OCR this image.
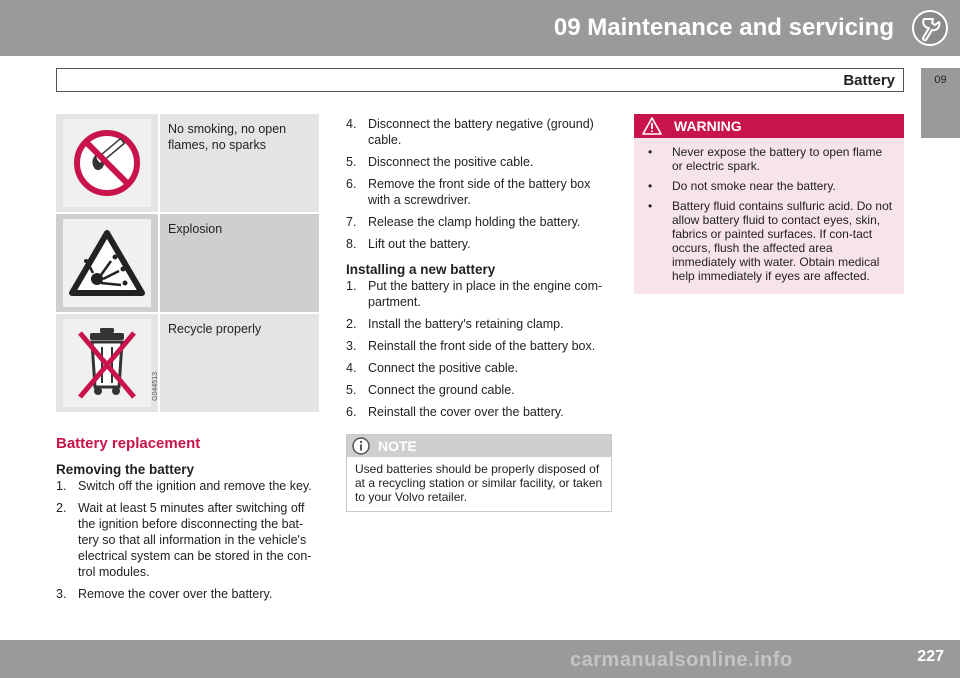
09 Maintenance and servicing
Battery	09
No smoking, no open flames, no sparks
Explosion
G044513
Recycle properly
Battery replacement
Removing the battery
1. Switch off the ignition and remove the key.
2. Wait at least 5 minutes after switching off the ignition before disconnecting the bat-tery so that all information in the vehicle's electrical system can be stored in the con-trol modules.
3. Remove the cover over the battery.
4. Disconnect the battery negative (ground) cable.
5. Disconnect the positive cable.
6. Remove the front side of the battery box with a screwdriver.
7. Release the clamp holding the battery.
8. Lift out the battery.
Installing a new battery
1. Put the battery in place in the engine com-partment.
2. Install the battery's retaining clamp.
3. Reinstall the front side of the battery box.
4. Connect the positive cable.
5. Connect the ground cable.
6. Reinstall the cover over the battery.
NOTE
Used batteries should be properly disposed of at a recycling station or similar facility, or taken to your Volvo retailer.
WARNING
•	Never expose the battery to open flame or electric spark.
•	Do not smoke near the battery.
•	Battery fluid contains sulfuric acid. Do not allow battery fluid to contact eyes, skin, fabrics or painted surfaces. If con-tact occurs, flush the affected area immediately with water. Obtain medical help immediately if eyes are affected.
227
carmanualsonline.info
